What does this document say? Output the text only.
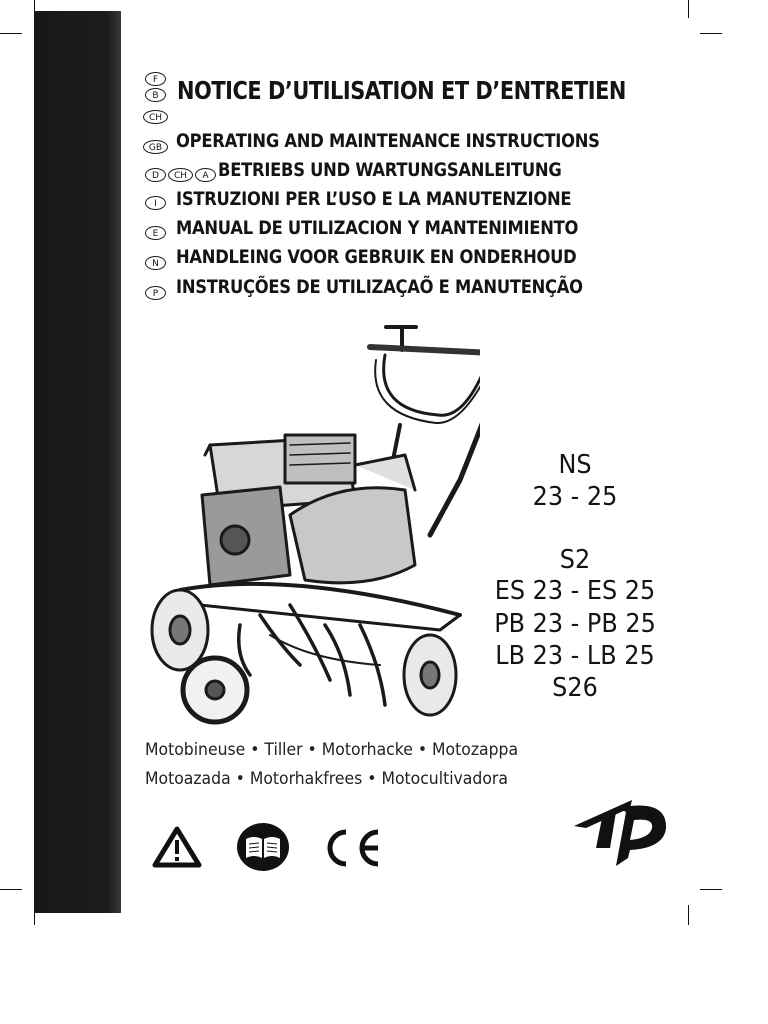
F
B
CH
NOTICE D’UTILISATION ET D’ENTRETIEN
GB OPERATING AND MAINTENANCE INSTRUCTIONS
D	CH	A BETRIEBS UND WARTUNGSANLEITUNG
I	ISTRUZIONI PER L’USO E LA MANUTENZIONE
E MANUAL DE UTILIZACION Y MANTENIMIENTO
N HANDLEING VOOR GEBRUIK EN ONDERHOUD
P INSTRUÇÕES DE UTILIZAÇAÕ E MANUTENÇÃO
NS
23 - 25
S2
ES 23 - ES 25
PB 23 - PB 25
LB 23 - LB 25
S26
Motobineuse • Tiller • Motorhacke • Motozappa
Motoazada • Motorhakfrees • Motocultivadora
